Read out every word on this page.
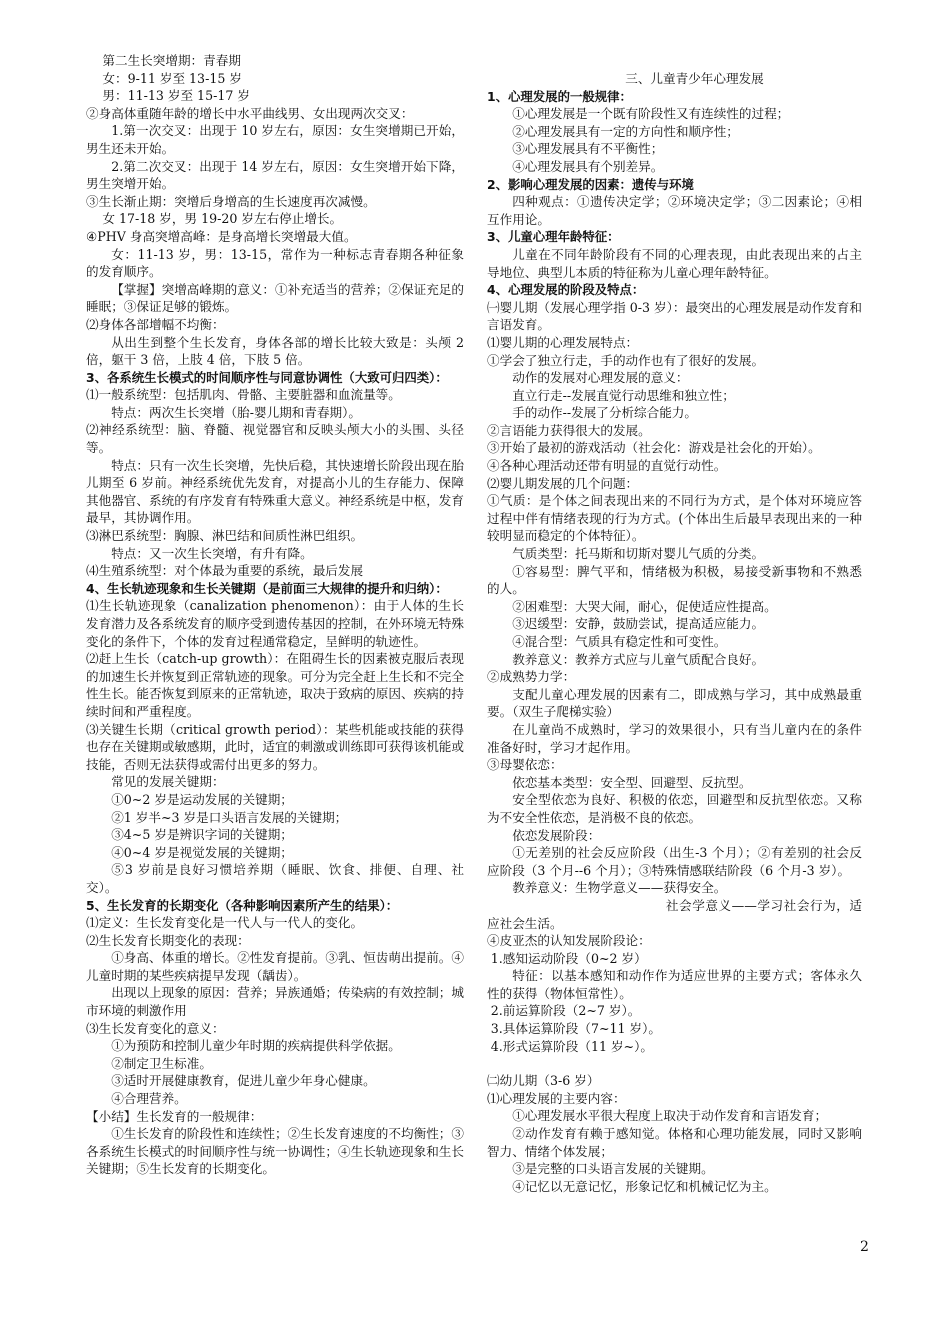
第二生长突增期：青春期

女：9-11 岁至 13-15 岁

男：11-13 岁至 15-17 岁

②身高体重随年龄的增长中水平曲线男、女出现两次交叉：

1.第一次交叉：出现于 10 岁左右，原因：女生突增期已开始，男生还未开始。

2.第二次交叉：出现于 14 岁左右，原因：女生突增开始下降，男生突增开始。

③生长渐止期：突增后身增高的生长速度再次减慢。

女 17-18 岁，男 19-20 岁左右停止增长。

④PHV 身高突增高峰：是身高增长突增最大值。

女：11-13 岁，男：13-15，常作为一种标志青春期各种征象的发育顺序。

【掌握】突增高峰期的意义：①补充适当的营养；②保证充足的睡眠；③保证足够的锻炼。

⑵身体各部增幅不均衡：

从出生到整个生长发育，身体各部的增长比较大致是：头颅 2 倍，躯干 3 倍，上肢 4 倍，下肢 5 倍。

3、各系统生长模式的时间顺序性与同意协调性（大致可归四类）：

⑴一般系统型：包括肌肉、骨骼、主要脏器和血流量等。

特点：两次生长突增（胎-婴儿期和青春期）。

⑵神经系统型：脑、脊髓、视觉器官和反映头颅大小的头围、头径等。

特点：只有一次生长突增，先快后稳，其快速增长阶段出现在胎儿期至 6 岁前。神经系统优先发育，对提高小儿的生存能力、保障其他器官、系统的有序发育有特殊重大意义。神经系统是中枢，发育最早，其协调作用。

⑶淋巴系统型：胸腺、淋巴结和间质性淋巴组织。

特点：又一次生长突增，有升有降。

⑷生殖系统型：对个体最为重要的系统，最后发展

4、生长轨迹现象和生长关键期（是前面三大规律的提升和归纳）：

⑴生长轨迹现象（canalization phenomenon）：由于人体的生长发育潜力及各系统发育的顺序受到遗传基因的控制，在外环境无特殊变化的条件下，个体的发育过程通常稳定，呈鲜明的轨迹性。

⑵赶上生长（catch-up growth）：在阻碍生长的因素被克服后表现的加速生长并恢复到正常轨迹的现象。可分为完全赶上生长和不完全性生长。能否恢复到原来的正常轨迹，取决于致病的原因、疾病的持续时间和严重程度。

⑶关键生长期（critical growth period）：某些机能或技能的获得也存在关键期或敏感期，此时，适宜的刺激或训练即可获得该机能或技能，否则无法获得或需付出更多的努力。

常见的发展关键期：

①0~2 岁是运动发展的关键期；

②1 岁半~3 岁是口头语言发展的关键期；

③4~5 岁是辨识字词的关键期；

④0~4 岁是视觉发展的关键期；

⑤3 岁前是良好习惯培养期（睡眠、饮食、排便、自理、社交）。

5、生长发育的长期变化（各种影响因素所产生的结果）：

⑴定义：生长发育变化是一代人与一代人的变化。

⑵生长发育长期变化的表现：

①身高、体重的增长。②性发育提前。③乳、恒齿萌出提前。④儿童时期的某些疾病提早发现（龋齿）。

出现以上现象的原因：营养；异族通婚；传染病的有效控制；城市环境的刺激作用

⑶生长发育变化的意义：

①为预防和控制儿童少年时期的疾病提供科学依据。

②制定卫生标准。

③适时开展健康教育，促进儿童少年身心健康。

④合理营养。

【小结】生长发育的一般规律：

①生长发育的阶段性和连续性；②生长发育速度的不均衡性；③各系统生长模式的时间顺序性与统一协调性；④生长轨迹现象和生长关键期；⑤生长发育的长期变化。

三、儿童青少年心理发展

1、心理发展的一般规律：

①心理发展是一个既有阶段性又有连续性的过程；

②心理发展具有一定的方向性和顺序性；

③心理发展具有不平衡性；

④心理发展具有个别差异。

2、影响心理发展的因素：遗传与环境

四种观点：①遗传决定学；②环境决定学；③二因素论；④相互作用论。

3、儿童心理年龄特征：

儿童在不同年龄阶段有不同的心理表现，由此表现出来的占主导地位、典型儿本质的特征称为儿童心理年龄特征。

4、心理发展的阶段及特点：

㈠婴儿期（发展心理学指 0-3 岁）：最突出的心理发展是动作发育和言语发育。

⑴婴儿期的心理发展特点：

①学会了独立行走，手的动作也有了很好的发展。

动作的发展对心理发展的意义：

直立行走--发展直觉行动思维和独立性；

手的动作--发展了分析综合能力。

②言语能力获得很大的发展。

③开始了最初的游戏活动（社会化：游戏是社会化的开始）。

④各种心理活动还带有明显的直觉行动性。

⑵婴儿期发展的几个问题：

①气质：是个体之间表现出来的不同行为方式，是个体对环境应答过程中伴有情绪表现的行为方式。(个体出生后最早表现出来的一种较明显而稳定的个体特征）。

气质类型：托马斯和切斯对婴儿气质的分类。

①容易型：脾气平和，情绪极为积极，易接受新事物和不熟悉的人。

②困难型：大哭大闹，耐心，促使适应性提高。

③迟缓型：安静，鼓励尝试，提高适应能力。

④混合型：气质具有稳定性和可变性。

教养意义：教养方式应与儿童气质配合良好。

②成熟势力学：

支配儿童心理发展的因素有二，即成熟与学习，其中成熟最重要。（双生子爬梯实验）

在儿童尚不成熟时，学习的效果很小，只有当儿童内在的条件准备好时，学习才起作用。

③母婴依恋：

依恋基本类型：安全型、回避型、反抗型。

安全型依恋为良好、积极的依恋，回避型和反抗型依恋。又称为不安全性依恋，是消极不良的依恋。

依恋发展阶段：

①无差别的社会反应阶段（出生-3 个月）；②有差别的社会反应阶段（3 个月--6 个月）；③特殊情感联结阶段（6 个月-3 岁）。

教养意义：生物学意义——获得安全。

社会学意义——学习社会行为，适应社会生活。

④皮亚杰的认知发展阶段论：

1.感知运动阶段（0~2 岁）

特征：以基本感知和动作作为适应世界的主要方式；客体永久性的获得（物体恒常性）。

2.前运算阶段（2~7 岁）。

3.具体运算阶段（7~11 岁）。

4.形式运算阶段（11 岁~）。

㈡幼儿期（3-6 岁）

⑴心理发展的主要内容：

①心理发展水平很大程度上取决于动作发育和言语发育；

②动作发育有赖于感知觉。体格和心理功能发展，同时又影响智力、情绪个体发展；

③是完整的口头语言发展的关键期。

④记忆以无意记忆，形象记忆和机械记忆为主。

2
